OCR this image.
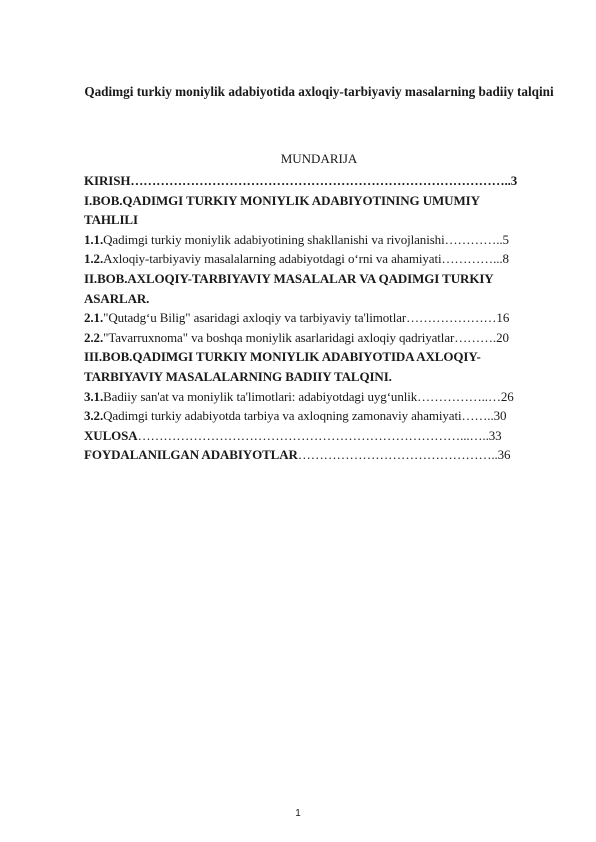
Qadimgi turkiy moniylik adabiyotida axloqiy-tarbiyaviy masalarning badiiy talqini
MUNDARIJA
KIRISH……………………………………………………………………………..3
I.BOB.QADIMGI TURKIY MONIYLIK ADABIYOTINING UMUMIY
TAHLILI
1.1.Qadimgi turkiy moniylik adabiyotining shakllanishi va rivojlanishi…………..5
1.2.Axloqiy-tarbiyaviy masalalarning adabiyotdagi o‘rni va ahamiyati…………...8
II.BOB.AXLOQIY-TARBIYAVIY MASALALAR VA QADIMGI TURKIY
ASARLAR.
2.1."Qutadg‘u Bilig" asaridagi axloqiy va tarbiyaviy ta'limotlar…………………16
2.2."Tavarruxnoma" va boshqa moniylik asarlaridagi axloqiy qadriyatlar……….20
III.BOB.QADIMGI TURKIY MONIYLIK ADABIYOTIDA AXLOQIY-
TARBIYAVIY MASALALARNING BADIIY TALQINI.
3.1.Badiiy san'at va moniylik ta'limotlari: adabiyotdagi uyg‘unlik……………..…26
3.2.Qadimgi turkiy adabiyotda tarbiya va axloqning zamonaviy ahamiyati……..30
XULOSA…………………………………………………………………...…..33
FOYDALANILGAN ADABIYOTLAR………………………………………..36
1
